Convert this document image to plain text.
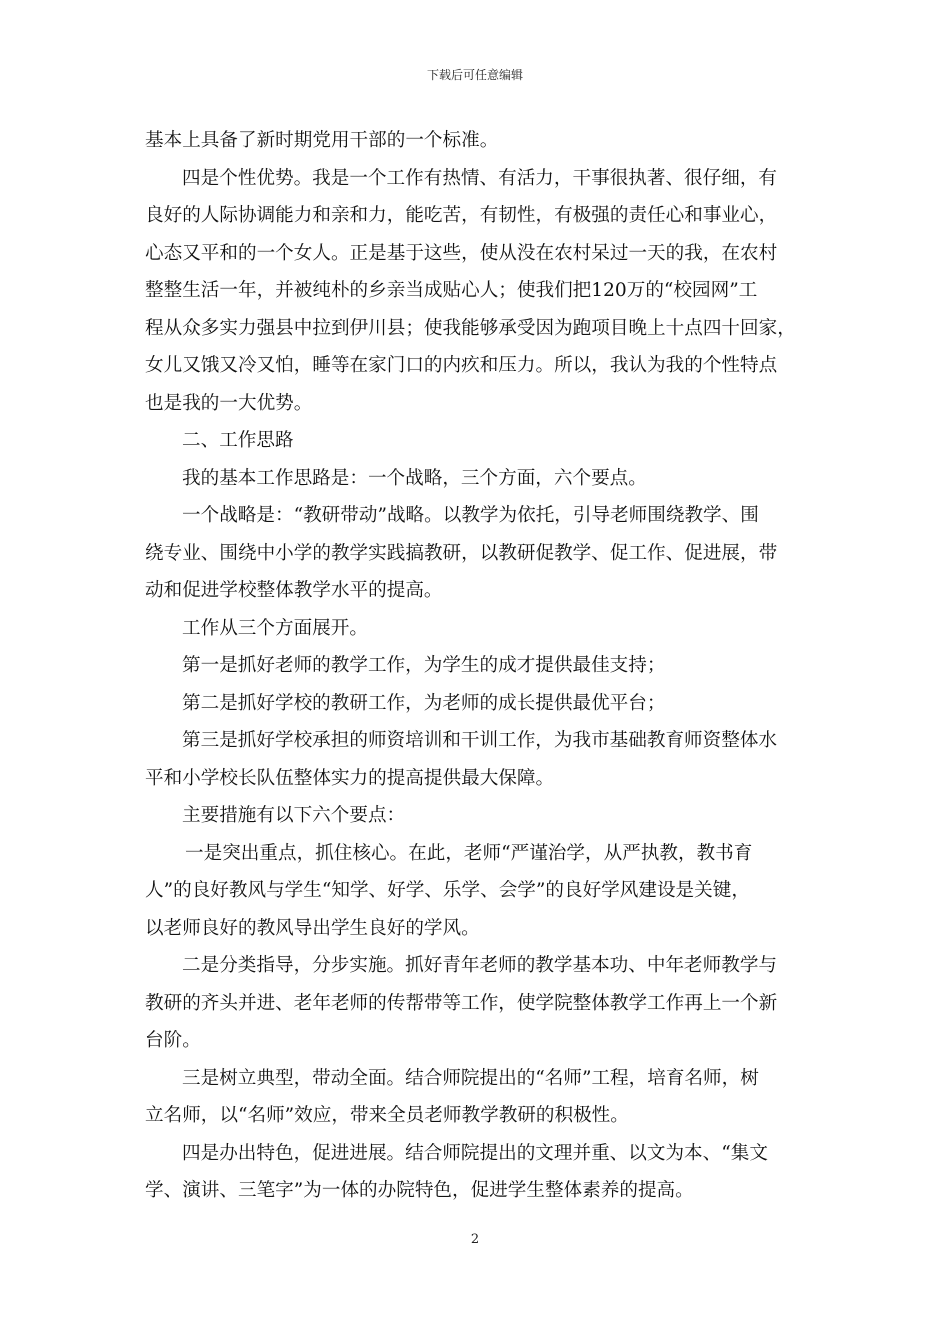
下载后可任意编辑
基本上具备了新时期党用干部的一个标准。
四是个性优势。我是一个工作有热情、有活力，干事很执著、很仔细，有
良好的人际协调能力和亲和力，能吃苦，有韧性，有极强的责任心和事业心，
心态又平和的一个女人。正是基于这些，使从没在农村呆过一天的我，在农村
整整生活一年，并被纯朴的乡亲当成贴心人；使我们把120万的“校园网”工
程从众多实力强县中拉到伊川县；使我能够承受因为跑项目晚上十点四十回家，
女儿又饿又冷又怕，睡等在家门口的内疚和压力。所以，我认为我的个性特点
也是我的一大优势。
二、工作思路
我的基本工作思路是：一个战略，三个方面，六个要点。
一个战略是：“教研带动”战略。以教学为依托，引导老师围绕教学、围
绕专业、围绕中小学的教学实践搞教研，以教研促教学、促工作、促进展，带
动和促进学校整体教学水平的提高。
工作从三个方面展开。
第一是抓好老师的教学工作，为学生的成才提供最佳支持；
第二是抓好学校的教研工作，为老师的成长提供最优平台；
第三是抓好学校承担的师资培训和干训工作，为我市基础教育师资整体水
平和小学校长队伍整体实力的提高提供最大保障。
主要措施有以下六个要点：
一是突出重点，抓住核心。在此，老师“严谨治学，从严执教，教书育
人”的良好教风与学生“知学、好学、乐学、会学”的良好学风建设是关键，
以老师良好的教风导出学生良好的学风。
二是分类指导，分步实施。抓好青年老师的教学基本功、中年老师教学与
教研的齐头并进、老年老师的传帮带等工作，使学院整体教学工作再上一个新
台阶。
三是树立典型，带动全面。结合师院提出的“名师”工程，培育名师，树
立名师，以“名师”效应，带来全员老师教学教研的积极性。
四是办出特色，促进进展。结合师院提出的文理并重、以文为本、“集文
学、演讲、三笔字”为一体的办院特色，促进学生整体素养的提高。
2
